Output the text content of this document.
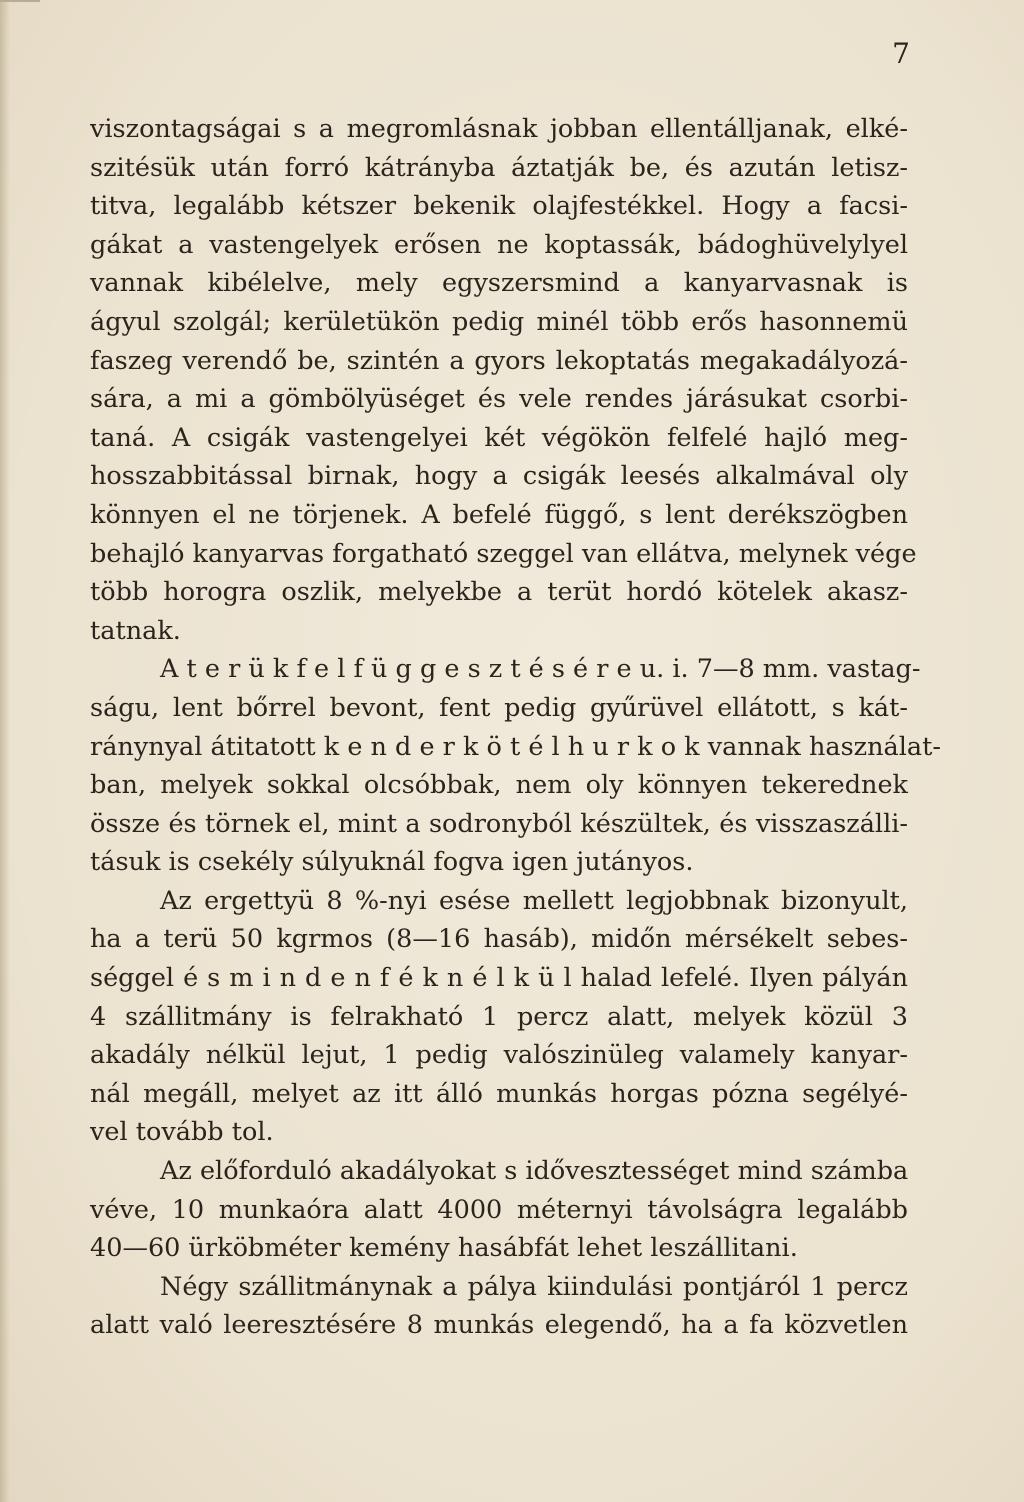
7
viszontagságai s a megromlásnak jobban ellentálljanak, elké-
szitésük után forró kátrányba áztatják be, és azután letisz-
titva, legalább kétszer bekenik olajfestékkel. Hogy a facsi-
gákat a vastengelyek erősen ne koptassák, bádoghüvelylyel
vannak kibélelve, mely egyszersmind a kanyarvasnak is
ágyul szolgál; kerületükön pedig minél több erős hasonnemü
faszeg verendő be, szintén a gyors lekoptatás megakadályozá-
sára, a mi a gömbölyüséget és vele rendes járásukat csorbi-
taná. A csigák vastengelyei két végökön felfelé hajló meg-
hosszabbitással birnak, hogy a csigák leesés alkalmával oly
könnyen el ne törjenek. A befelé függő, s lent derékszögben
behajló kanyarvas forgatható szeggel van ellátva, melynek vége
több horogra oszlik, melyekbe a terüt hordó kötelek akasz-
tatnak.
A t e r ü k f e l f ü g g e s z t é s é r e u. i. 7—8 mm. vastag-
ságu, lent bőrrel bevont, fent pedig gyűrüvel ellátott, s kát-
ránynyal átitatott k e n d e r k ö t é l h u r k o k vannak használat-
ban, melyek sokkal olcsóbbak, nem oly könnyen tekerednek
össze és törnek el, mint a sodronyból készültek, és visszaszálli-
tásuk is csekély súlyuknál fogva igen jutányos.
Az ergettyü 8 %-nyi esése mellett legjobbnak bizonyult,
ha a terü 50 kgrmos (8—16 hasáb), midőn mérsékelt sebes-
séggel é s m i n d e n f é k n é l k ü l halad lefelé. Ilyen pályán
4 szállitmány is felrakható 1 percz alatt, melyek közül 3
akadály nélkül lejut, 1 pedig valószinüleg valamely kanyar-
nál megáll, melyet az itt álló munkás horgas pózna segélyé-
vel tovább tol.
Az előforduló akadályokat s idővesztességet mind számba
véve, 10 munkaóra alatt 4000 méternyi távolságra legalább
40—60 ürköbméter kemény hasábfát lehet leszállitani.
Négy szállitmánynak a pálya kiindulási pontjáról 1 percz
alatt való leeresztésére 8 munkás elegendő, ha a fa közvetlen
